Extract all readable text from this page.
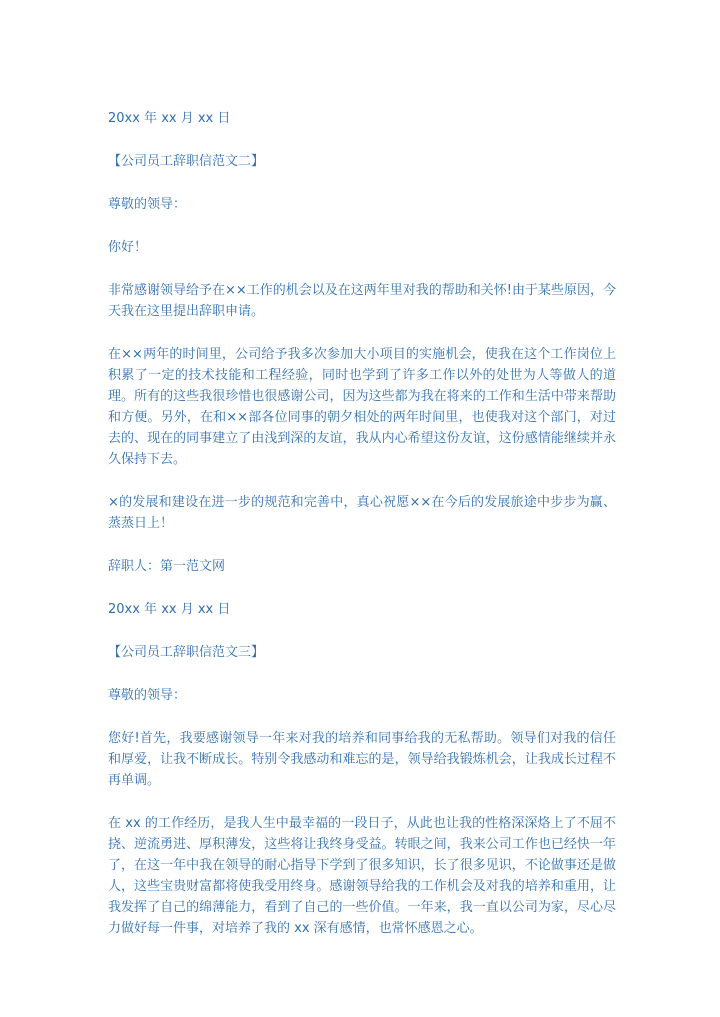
20xx 年 xx 月 xx 日

【公司员工辞职信范文二】

尊敬的领导：

你好！

非常感谢领导给予在××工作的机会以及在这两年里对我的帮助和关怀!由于某些原因，今天我在这里提出辞职申请。

在××两年的时间里，公司给予我多次参加大小项目的实施机会，使我在这个工作岗位上积累了一定的技术技能和工程经验，同时也学到了许多工作以外的处世为人等做人的道理。所有的这些我很珍惜也很感谢公司，因为这些都为我在将来的工作和生活中带来帮助和方便。另外，在和××部各位同事的朝夕相处的两年时间里，也使我对这个部门，对过去的、现在的同事建立了由浅到深的友谊，我从内心希望这份友谊，这份感情能继续并永久保持下去。

×的发展和建设在进一步的规范和完善中，真心祝愿××在今后的发展旅途中步步为赢、蒸蒸日上！

辞职人：第一范文网

20xx 年 xx 月 xx 日

【公司员工辞职信范文三】

尊敬的领导：

您好!首先，我要感谢领导一年来对我的培养和同事给我的无私帮助。领导们对我的信任和厚爱，让我不断成长。特别令我感动和难忘的是，领导给我锻炼机会，让我成长过程不再单调。

在 xx 的工作经历，是我人生中最幸福的一段日子，从此也让我的性格深深烙上了不屈不挠、逆流勇进、厚积薄发，这些将让我终身受益。转眼之间，我来公司工作也已经快一年了，在这一年中我在领导的耐心指导下学到了很多知识，长了很多见识，不论做事还是做人，这些宝贵财富都将使我受用终身。感谢领导给我的工作机会及对我的培养和重用，让我发挥了自己的绵薄能力，看到了自己的一些价值。一年来，我一直以公司为家，尽心尽力做好每一件事，对培养了我的 xx 深有感情，也常怀感恩之心。
